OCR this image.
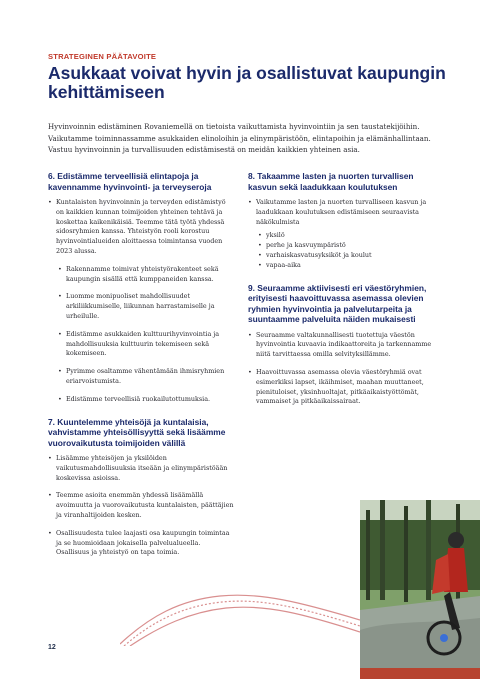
STRATEGINEN PÄÄTAVOITE
Asukkaat voivat hyvin ja osallistuvat kaupungin kehittämiseen

Hyvinvoinnin edistäminen Rovaniemellä on tietoista vaikuttamista hyvinvointiin ja sen taustatekijöihin. Vaikutamme toiminnassamme asukkaiden elinoloihin ja elinympäristöön, elintapoihin ja elämänhallintaan. Vastuu hyvinvoinnin ja turvallisuuden edistämisestä on meidän kaikkien yhteinen asia.

6. Edistämme terveellisiä elintapoja ja kavennamme hyvinvointi- ja terveyseroja
• Kuntalaisten hyvinvoinnin ja terveyden edistämistyö on kaikkien kunnan toimijoiden yhteinen tehtävä ja koskettaa kaikenikäisiä. Teemme tätä työtä yhdessä sidosryhmien kanssa. Yhteistyön rooli korostuu hyvinvointialueiden aloittaessa toimintansa vuoden 2023 alussa.
• Rakennamme toimivat yhteistyörakenteet sekä kaupungin sisällä että kumppaneiden kanssa.
• Luomme monipuoliset mahdollisuudet arkiliikkumiselle, liikunnan harrastamiselle ja urheilulle.
• Edistämme asukkaiden kulttuurihyvinvointia ja mahdollisuuksia kulttuurin tekemiseen sekä kokemiseen.
• Pyrimme osaltamme vähentämään ihmisryhmien eriarvoistumista.
• Edistämme terveellisiä ruokailutottumuksia.
7. Kuuntelemme yhteisöjä ja kuntalaisia, vahvistamme yhteisöllisyyttä sekä lisäämme vuorovaikutusta toimijoiden välillä
• Lisäämme yhteisöjen ja yksilöiden vaikutusmahdollisuuksia itseään ja elinympäristöään koskevissa asioissa.
• Teemme asioita enemmän yhdessä lisäämällä avoimuutta ja vuorovaikutusta kuntalaisten, päättäjien ja viranhaltijoiden kesken.
• Osallisuudesta tulee laajasti osa kaupungin toimintaa ja se huomioidaan jokaisella palvelualueella. Osallisuus ja yhteistyö on tapa toimia.
8. Takaamme lasten ja nuorten turvallisen kasvun sekä laadukkaan koulutuksen
• Vaikutamme lasten ja nuorten turvalliseen kasvun ja laadukkaan koulutuksen edistämiseen seuraavista näkökulmista
• yksilö
• perhe ja kasvuympäristö
• varhaiskasvatusyksiköt ja koulut
• vapaa-aika
9. Seuraamme aktiivisesti eri väestöryhmien, erityisesti haavoittuvassa asemassa olevien ryhmien hyvinvointia ja palvelutarpeita ja suuntaamme palveluita näiden mukaisesti
• Seuraamme valtakunnallisesti tuotettuja väestön hyvinvointia kuvaavia indikaattoreita ja tarkennamme niitä tarvittaessa omilla selvityksillämme.
• Haavoittuvassa asemassa olevia väestöryhmiä ovat esimerkiksi lapset, ikäihmiset, maahan muuttaneet, pienituloiset, yksinhuoltajat, pitkäaikaistyöttömät, vammaiset ja pitkäaikaissairaat.
12
